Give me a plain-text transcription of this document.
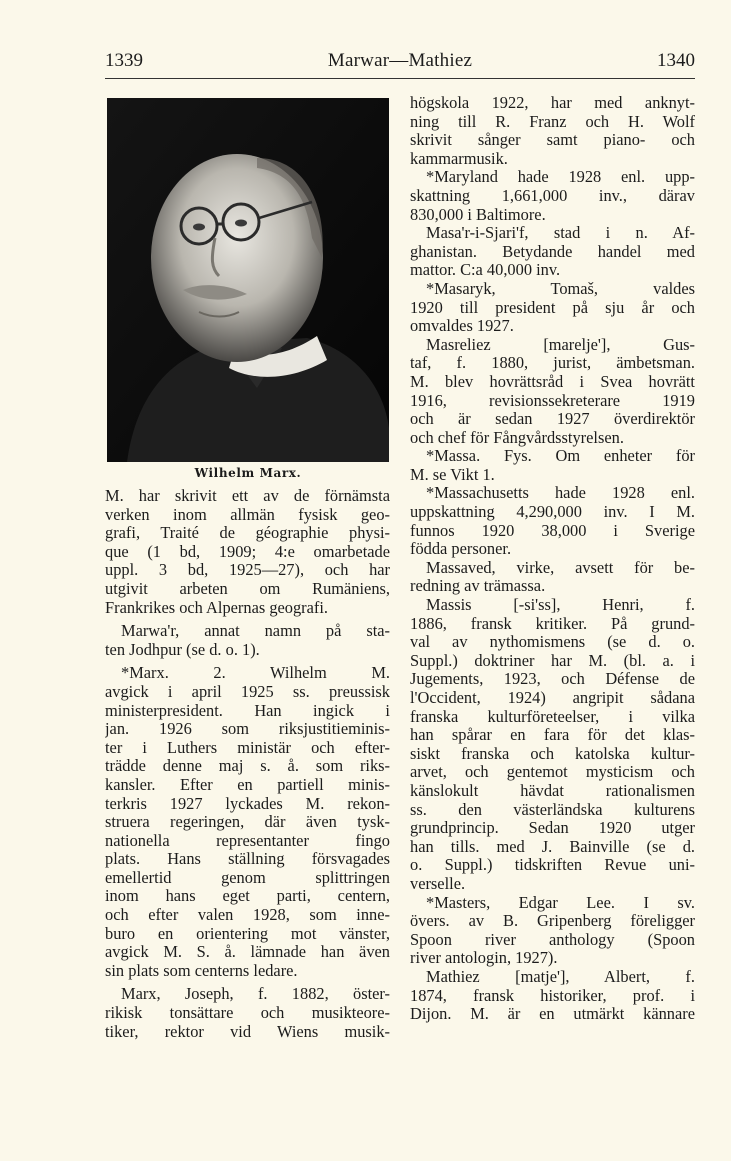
1339	Marwar—Mathiez	1340
Wilhelm Marx.
M. har skrivit ett av de förnämsta
verken inom allmän fysisk geo-
grafi, Traité de géographie physi-
que (1 bd, 1909; 4:e omarbetade
uppl. 3 bd, 1925—27), och har
utgivit arbeten om Rumäniens,
Frankrikes och Alpernas geografi.
Marwa'r, annat namn på sta-
ten Jodhpur (se d. o. 1).
*Marx. 2. Wilhelm M.
avgick i april 1925 ss. preussisk
ministerpresident. Han ingick i
jan. 1926 som riksjustitieminis-
ter i Luthers ministär och efter-
trädde denne maj s. å. som riks-
kansler. Efter en partiell minis-
terkris 1927 lyckades M. rekon-
struera regeringen, där även tysk-
nationella representanter fingo
plats. Hans ställning försvagades
emellertid genom splittringen
inom hans eget parti, centern,
och efter valen 1928, som inne-
buro en orientering mot vänster,
avgick M. S. å. lämnade han även
sin plats som centerns ledare.
Marx, Joseph, f. 1882, öster-
rikisk tonsättare och musikteore-
tiker, rektor vid Wiens musik-
högskola 1922, har med anknyt-
ning till R. Franz och H. Wolf
skrivit sånger samt piano- och
kammarmusik.
*Maryland hade 1928 enl. upp-
skattning 1,661,000 inv., därav
830,000 i Baltimore.
Masa'r-i-Sjari'f, stad i n. Af-
ghanistan. Betydande handel med
mattor. C:a 40,000 inv.
*Masaryk, Tomaš, valdes
1920 till president på sju år och
omvaldes 1927.
Masreliez [marelje'], Gus-
taf, f. 1880, jurist, ämbetsman.
M. blev hovrättsråd i Svea hovrätt
1916, revisionssekreterare 1919
och är sedan 1927 överdirektör
och chef för Fångvårdsstyrelsen.
*Massa. Fys. Om enheter för
M. se Vikt 1.
*Massachusetts hade 1928 enl.
uppskattning 4,290,000 inv. I M.
funnos 1920 38,000 i Sverige
födda personer.
Massaved, virke, avsett för be-
redning av trämassa.
Massis [-si'ss], Henri, f.
1886, fransk kritiker. På grund-
val av nythomismens (se d. o.
Suppl.) doktriner har M. (bl. a. i
Jugements, 1923, och Défense de
l'Occident, 1924) angripit sådana
franska kulturföreteelser, i vilka
han spårar en fara för det klas-
siskt franska och katolska kultur-
arvet, och gentemot mysticism och
känslokult hävdat rationalismen
ss. den västerländska kulturens
grundprincip. Sedan 1920 utger
han tills. med J. Bainville (se d.
o. Suppl.) tidskriften Revue uni-
verselle.
*Masters, Edgar Lee. I sv.
övers. av B. Gripenberg föreligger
Spoon river anthology (Spoon
river antologin, 1927).
Mathiez [matje'], Albert, f.
1874, fransk historiker, prof. i
Dijon. M. är en utmärkt kännare
